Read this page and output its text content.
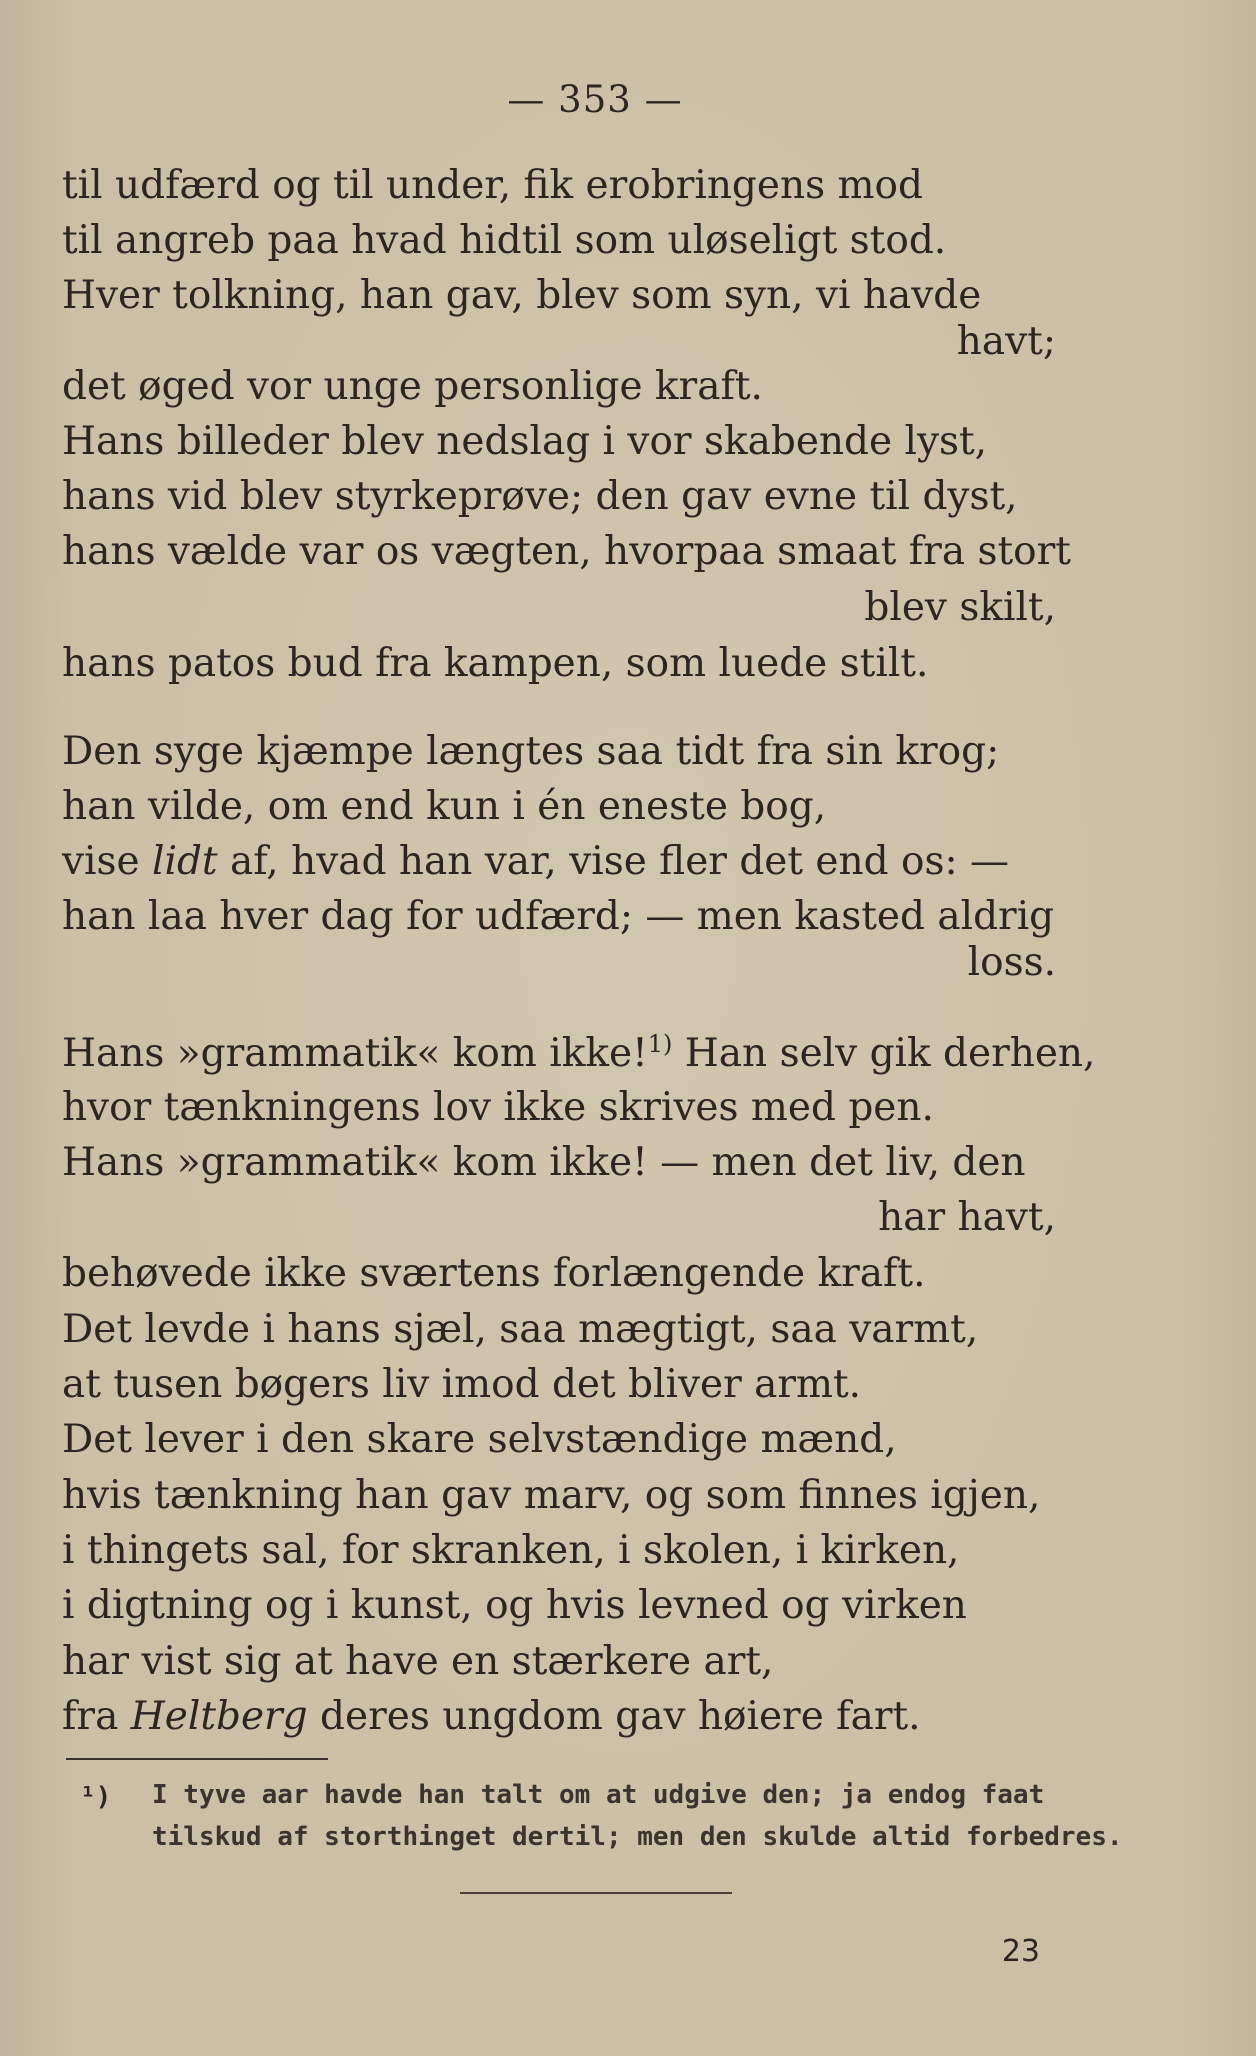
— 353 —
til udfærd og til under, fik erobringens mod
til angreb paa hvad hidtil som uløseligt stod.
Hver tolkning, han gav, blev som syn, vi havde
havt;
det øged vor unge personlige kraft.
Hans billeder blev nedslag i vor skabende lyst,
hans vid blev styrkeprøve; den gav evne til dyst,
hans vælde var os vægten, hvorpaa smaat fra stort
blev skilt,
hans patos bud fra kampen, som luede stilt.
Den syge kjæmpe længtes saa tidt fra sin krog;
han vilde, om end kun i én eneste bog,
vise lidt af, hvad han var, vise fler det end os: —
han laa hver dag for udfærd; — men kasted aldrig
loss.
Hans »grammatik« kom ikke!$^{1)}$ Han selv gik derhen,
hvor tænkningens lov ikke skrives med pen.
Hans »grammatik« kom ikke! — men det liv, den
har havt,
behøvede ikke sværtens forlængende kraft.
Det levde i hans sjæl, saa mægtigt, saa varmt,
at tusen bøgers liv imod det bliver armt.
Det lever i den skare selvstændige mænd,
hvis tænkning han gav marv, og som finnes igjen,
i thingets sal, for skranken, i skolen, i kirken,
i digtning og i kunst, og hvis levned og virken
har vist sig at have en stærkere art,
fra Heltberg deres ungdom gav høiere fart.
¹) I tyve aar havde han talt om at udgive den; ja endog faat
tilskud af storthinget dertil; men den skulde altid forbedres.
23
